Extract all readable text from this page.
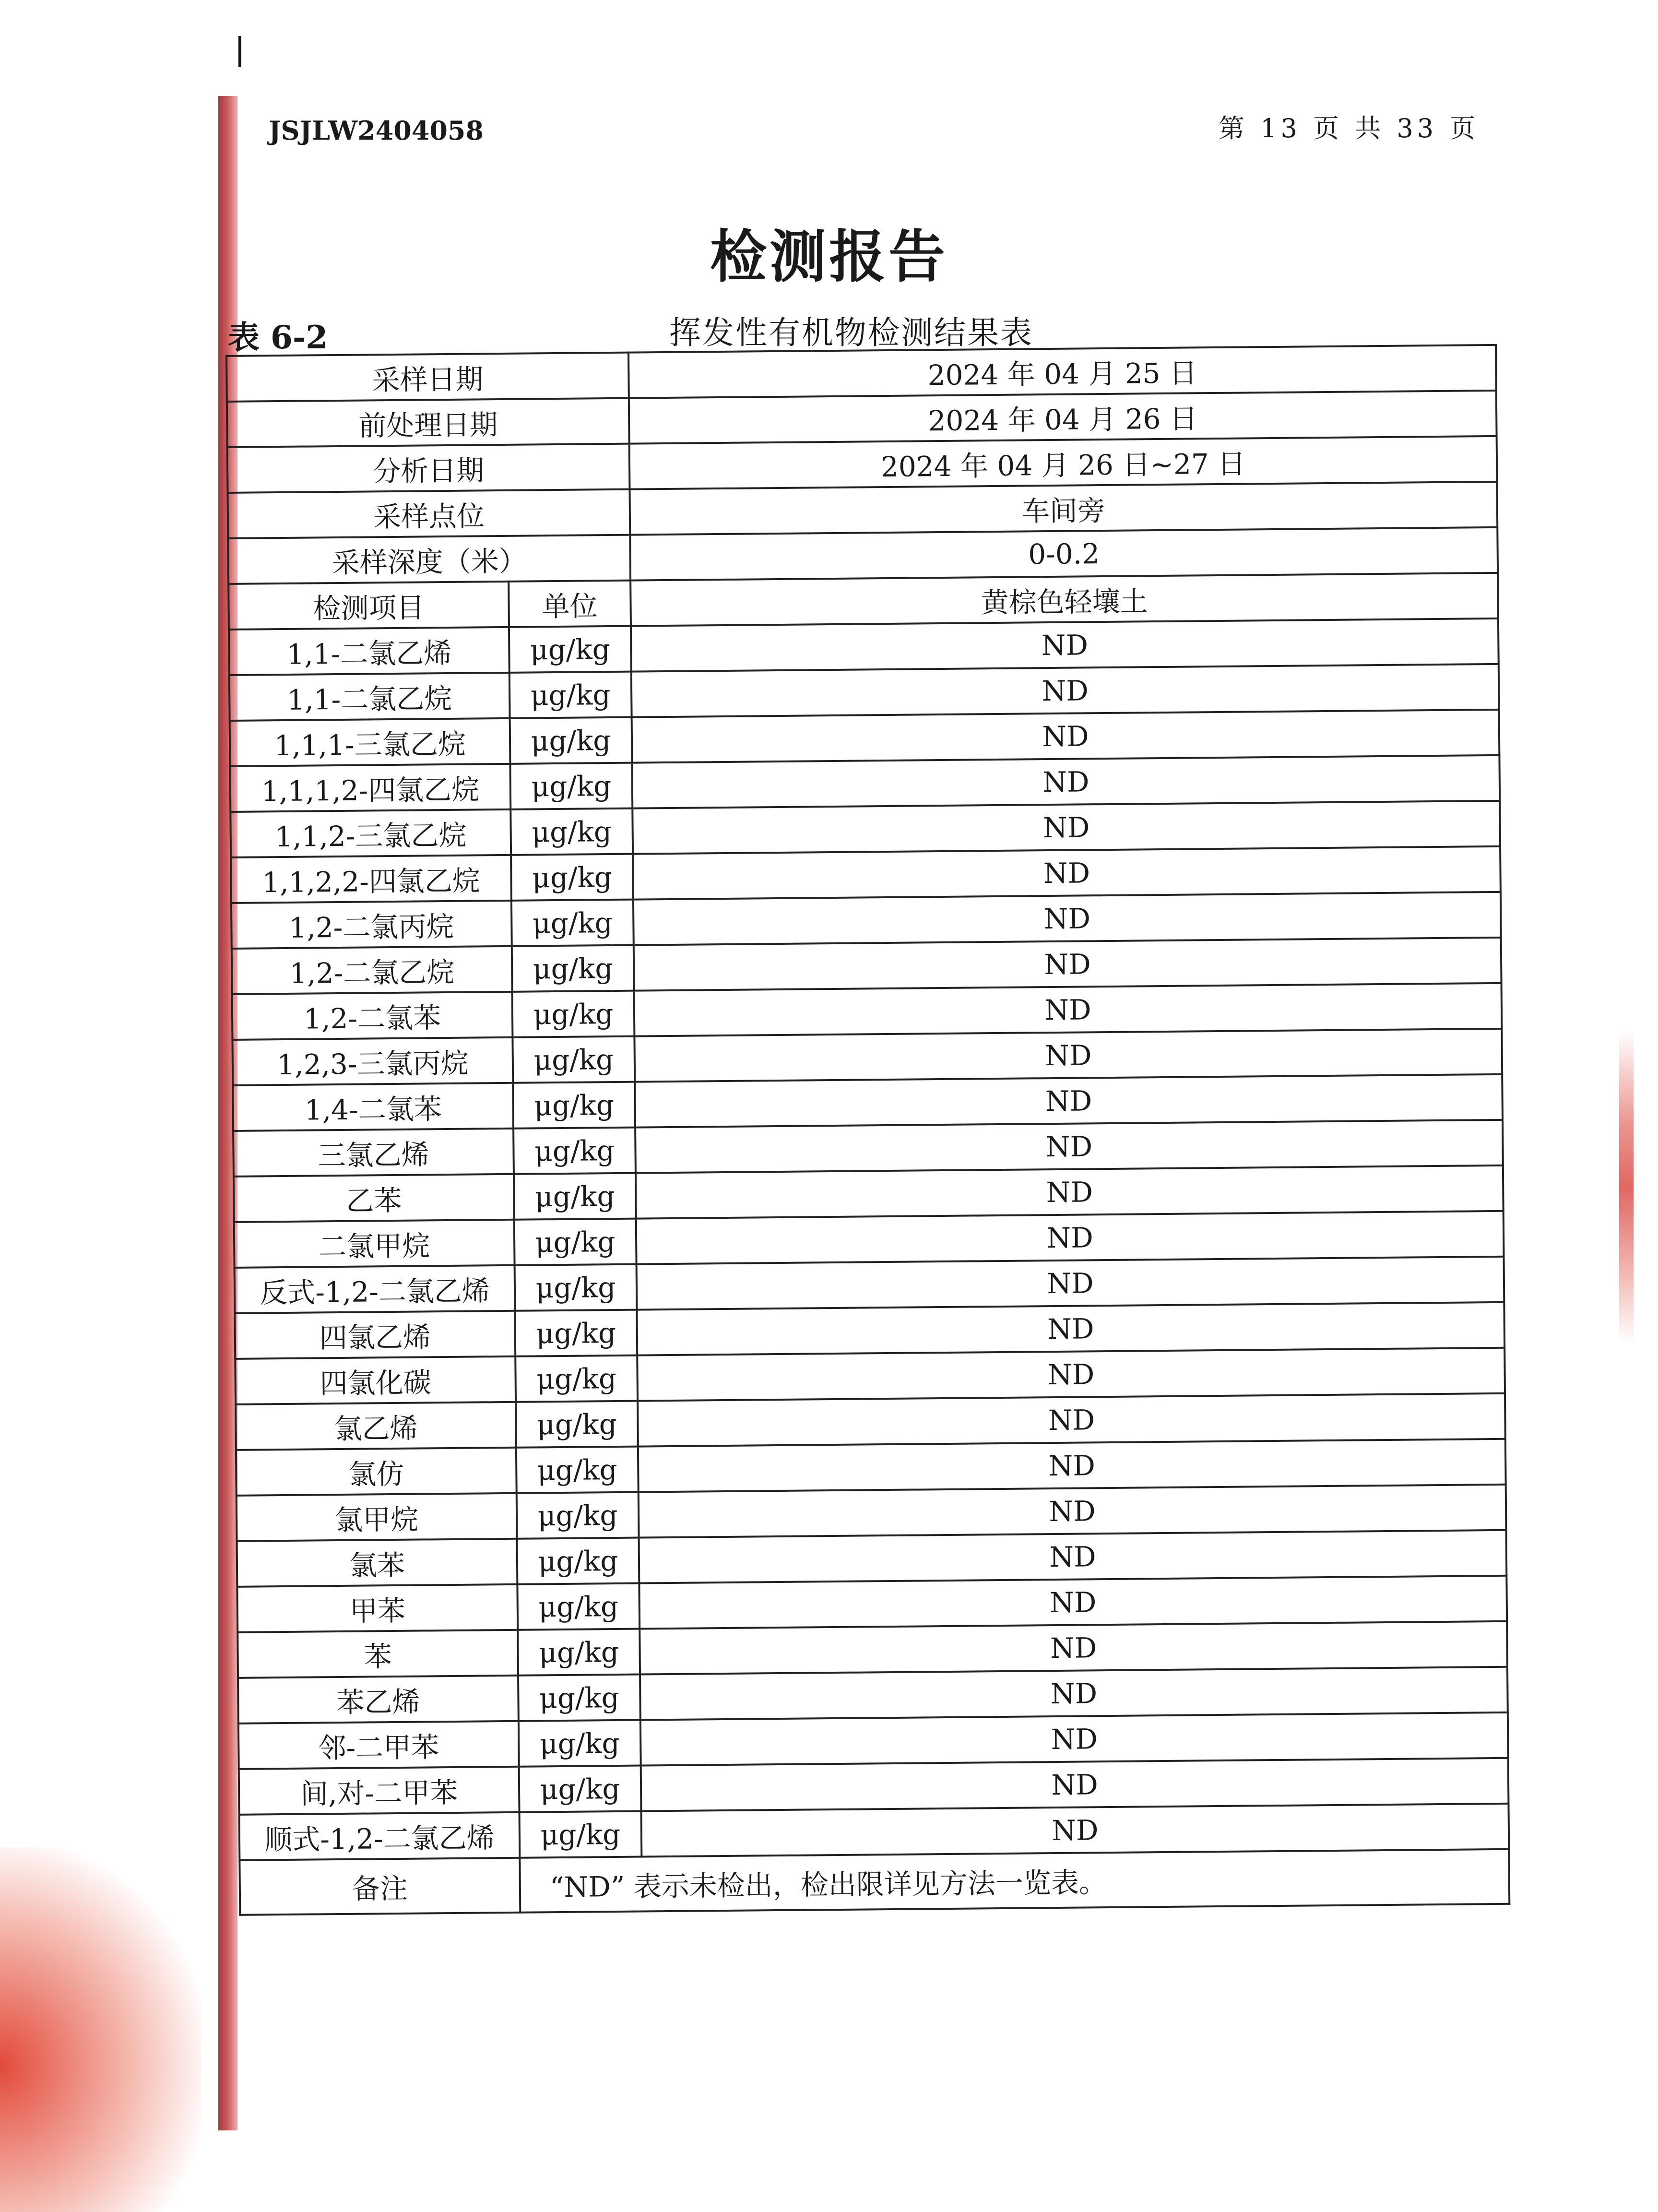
JSJLW2404058	第 13 页 共 33 页
检测报告
表 6-2	挥发性有机物检测结果表
采样日期		2024 年 04 月 25 日
前处理日期		2024 年 04 月 26 日
分析日期		2024 年 04 月 26 日~27 日
采样点位		车间旁
采样深度（米）		0-0.2
检测项目	单位	黄棕色轻壤土
1,1-二氯乙烯	μg/kg	ND
1,1-二氯乙烷	μg/kg	ND
1,1,1-三氯乙烷	μg/kg	ND
1,1,1,2-四氯乙烷	μg/kg	ND
1,1,2-三氯乙烷	μg/kg	ND
1,1,2,2-四氯乙烷	μg/kg	ND
1,2-二氯丙烷	μg/kg	ND
1,2-二氯乙烷	μg/kg	ND
1,2-二氯苯	μg/kg	ND
1,2,3-三氯丙烷	μg/kg	ND
1,4-二氯苯	μg/kg	ND
三氯乙烯	μg/kg	ND
乙苯	μg/kg	ND
二氯甲烷	μg/kg	ND
反式-1,2-二氯乙烯	μg/kg	ND
四氯乙烯	μg/kg	ND
四氯化碳	μg/kg	ND
氯乙烯	μg/kg	ND
氯仿	μg/kg	ND
氯甲烷	μg/kg	ND
氯苯	μg/kg	ND
甲苯	μg/kg	ND
苯	μg/kg	ND
苯乙烯	μg/kg	ND
邻-二甲苯	μg/kg	ND
间,对-二甲苯	μg/kg	ND
顺式-1,2-二氯乙烯	μg/kg	ND
备注	“ND” 表示未检出，检出限详见方法一览表。	
